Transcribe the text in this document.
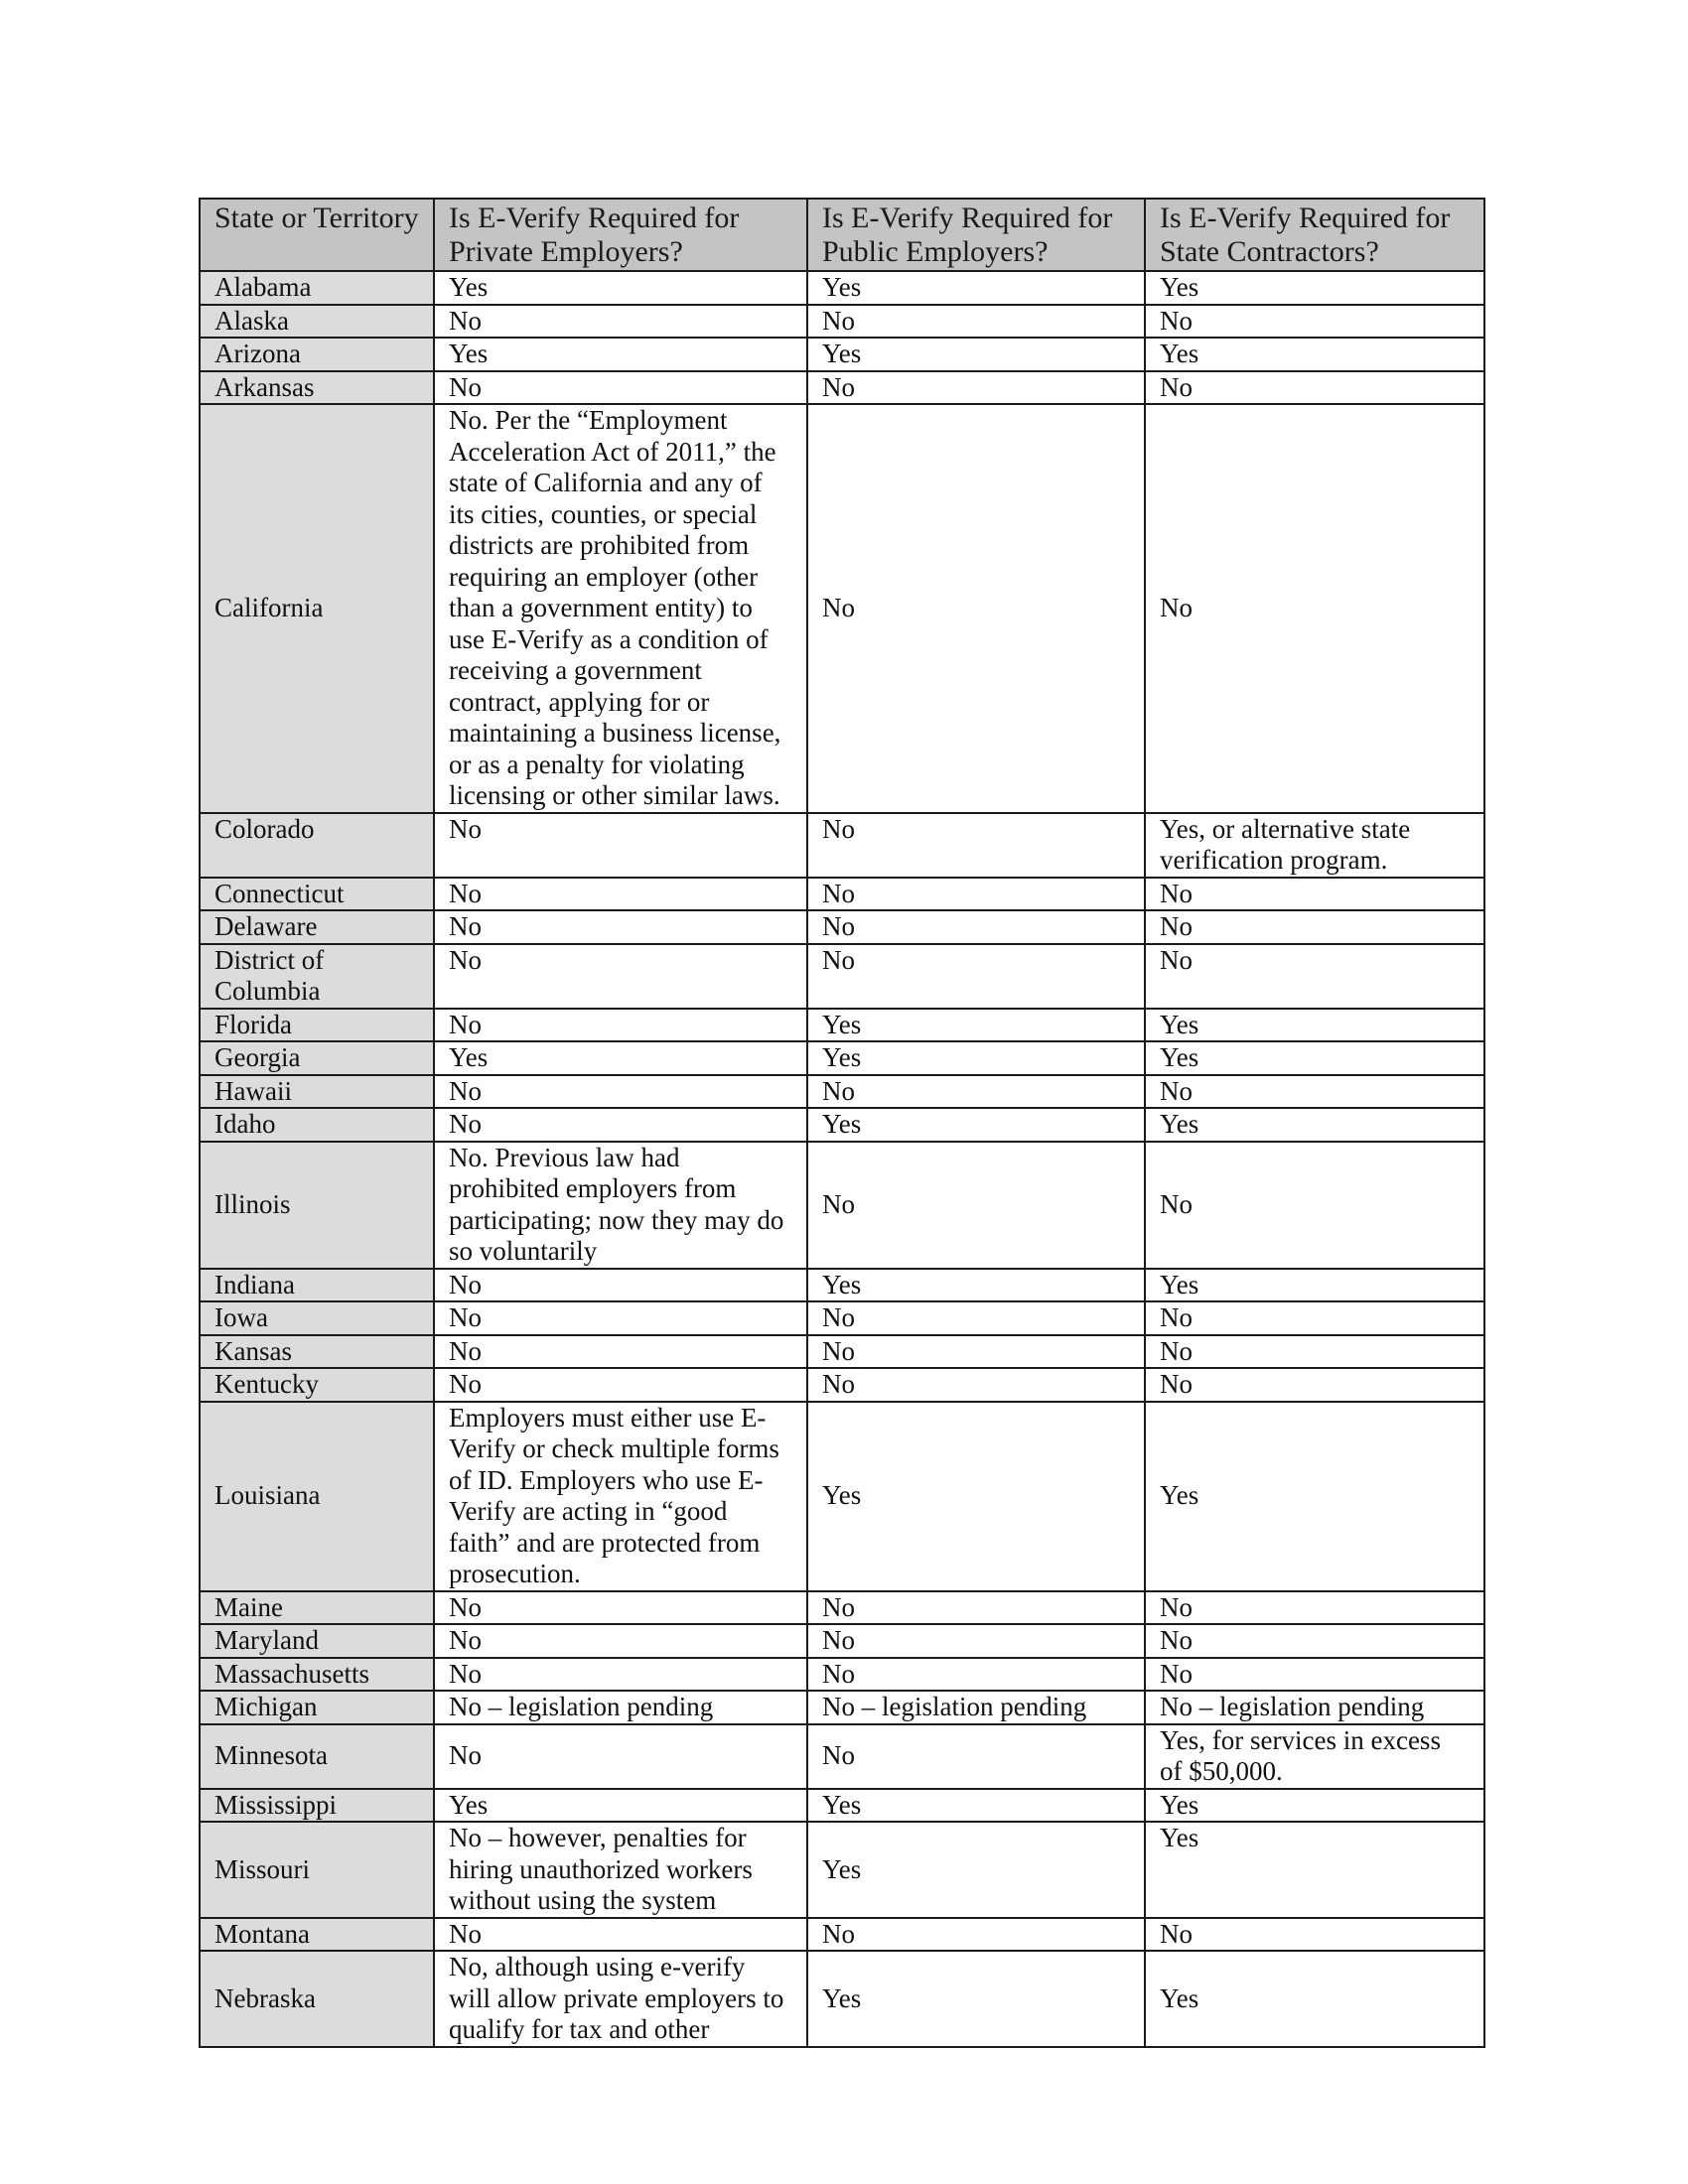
State or Territory	Is E-Verify Required for Private Employers?	Is E-Verify Required for Public Employers?	Is E-Verify Required for State Contractors?
Alabama	Yes	Yes	Yes
Alaska	No	No	No
Arizona	Yes	Yes	Yes
Arkansas	No	No	No
California	No. Per the “Employment Acceleration Act of 2011,” the state of California and any of its cities, counties, or special districts are prohibited from requiring an employer (other than a government entity) to use E-Verify as a condition of receiving a government contract, applying for or maintaining a business license, or as a penalty for violating licensing or other similar laws.	No	No
Colorado	No	No	Yes, or alternative state verification program.
Connecticut	No	No	No
Delaware	No	No	No
District of Columbia	No	No	No
Florida	No	Yes	Yes
Georgia	Yes	Yes	Yes
Hawaii	No	No	No
Idaho	No	Yes	Yes
Illinois	No. Previous law had prohibited employers from participating; now they may do so voluntarily	No	No
Indiana	No	Yes	Yes
Iowa	No	No	No
Kansas	No	No	No
Kentucky	No	No	No
Louisiana	Employers must either use E-Verify or check multiple forms of ID. Employers who use E-Verify are acting in “good faith” and are protected from prosecution.	Yes	Yes
Maine	No	No	No
Maryland	No	No	No
Massachusetts	No	No	No
Michigan	No – legislation pending	No – legislation pending	No – legislation pending
Minnesota	No	No	Yes, for services in excess of $50,000.
Mississippi	Yes	Yes	Yes
Missouri	No – however, penalties for hiring unauthorized workers without using the system	Yes	Yes
Montana	No	No	No
Nebraska	No, although using e-verify will allow private employers to qualify for tax and other	Yes	Yes
